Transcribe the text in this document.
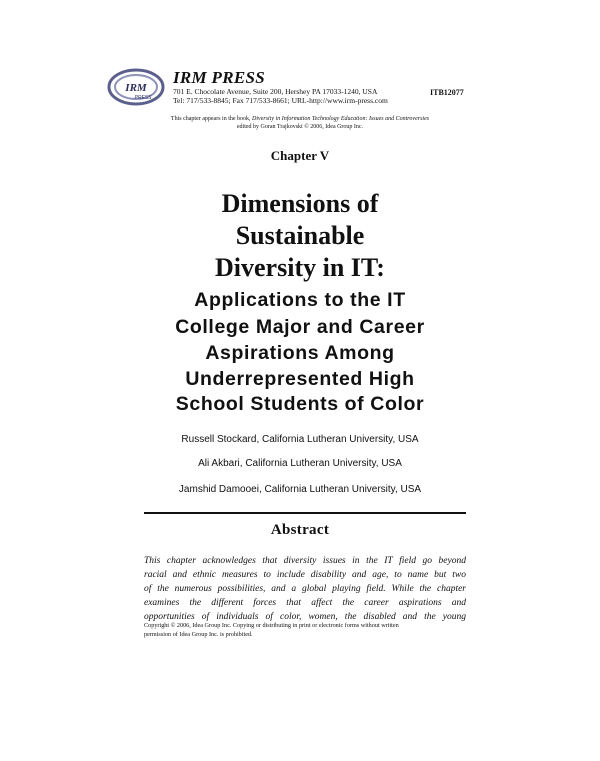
IRM
PRESS
IRM PRESS
701 E. Chocolate Avenue, Suite 200, Hershey PA 17033-1240, USA
Tel: 717/533-8845; Fax 717/533-8661; URL-http://www.irm-press.com
ITB12077
This chapter appears in the book, Diversity in Information Technology Education: Issues and Controversies
edited by Goran Trajkovski © 2006, Idea Group Inc.
Chapter V
Dimensions of
Sustainable
Diversity in IT:
Applications to the IT
College Major and Career
Aspirations Among
Underrepresented High
School Students of Color
Russell Stockard, California Lutheran University, USA
Ali Akbari, California Lutheran University, USA
Jamshid Damooei, California Lutheran University, USA
Abstract
This chapter acknowledges that diversity issues in the IT field go beyond
racial and ethnic measures to include disability and age, to name but two
of the numerous possibilities, and a global playing field. While the chapter
examines the different forces that affect the career aspirations and
opportunities of individuals of color, women, the disabled and the young
Copyright © 2006, Idea Group Inc. Copying or distributing in print or electronic forms without written
permission of Idea Group Inc. is prohibited.
